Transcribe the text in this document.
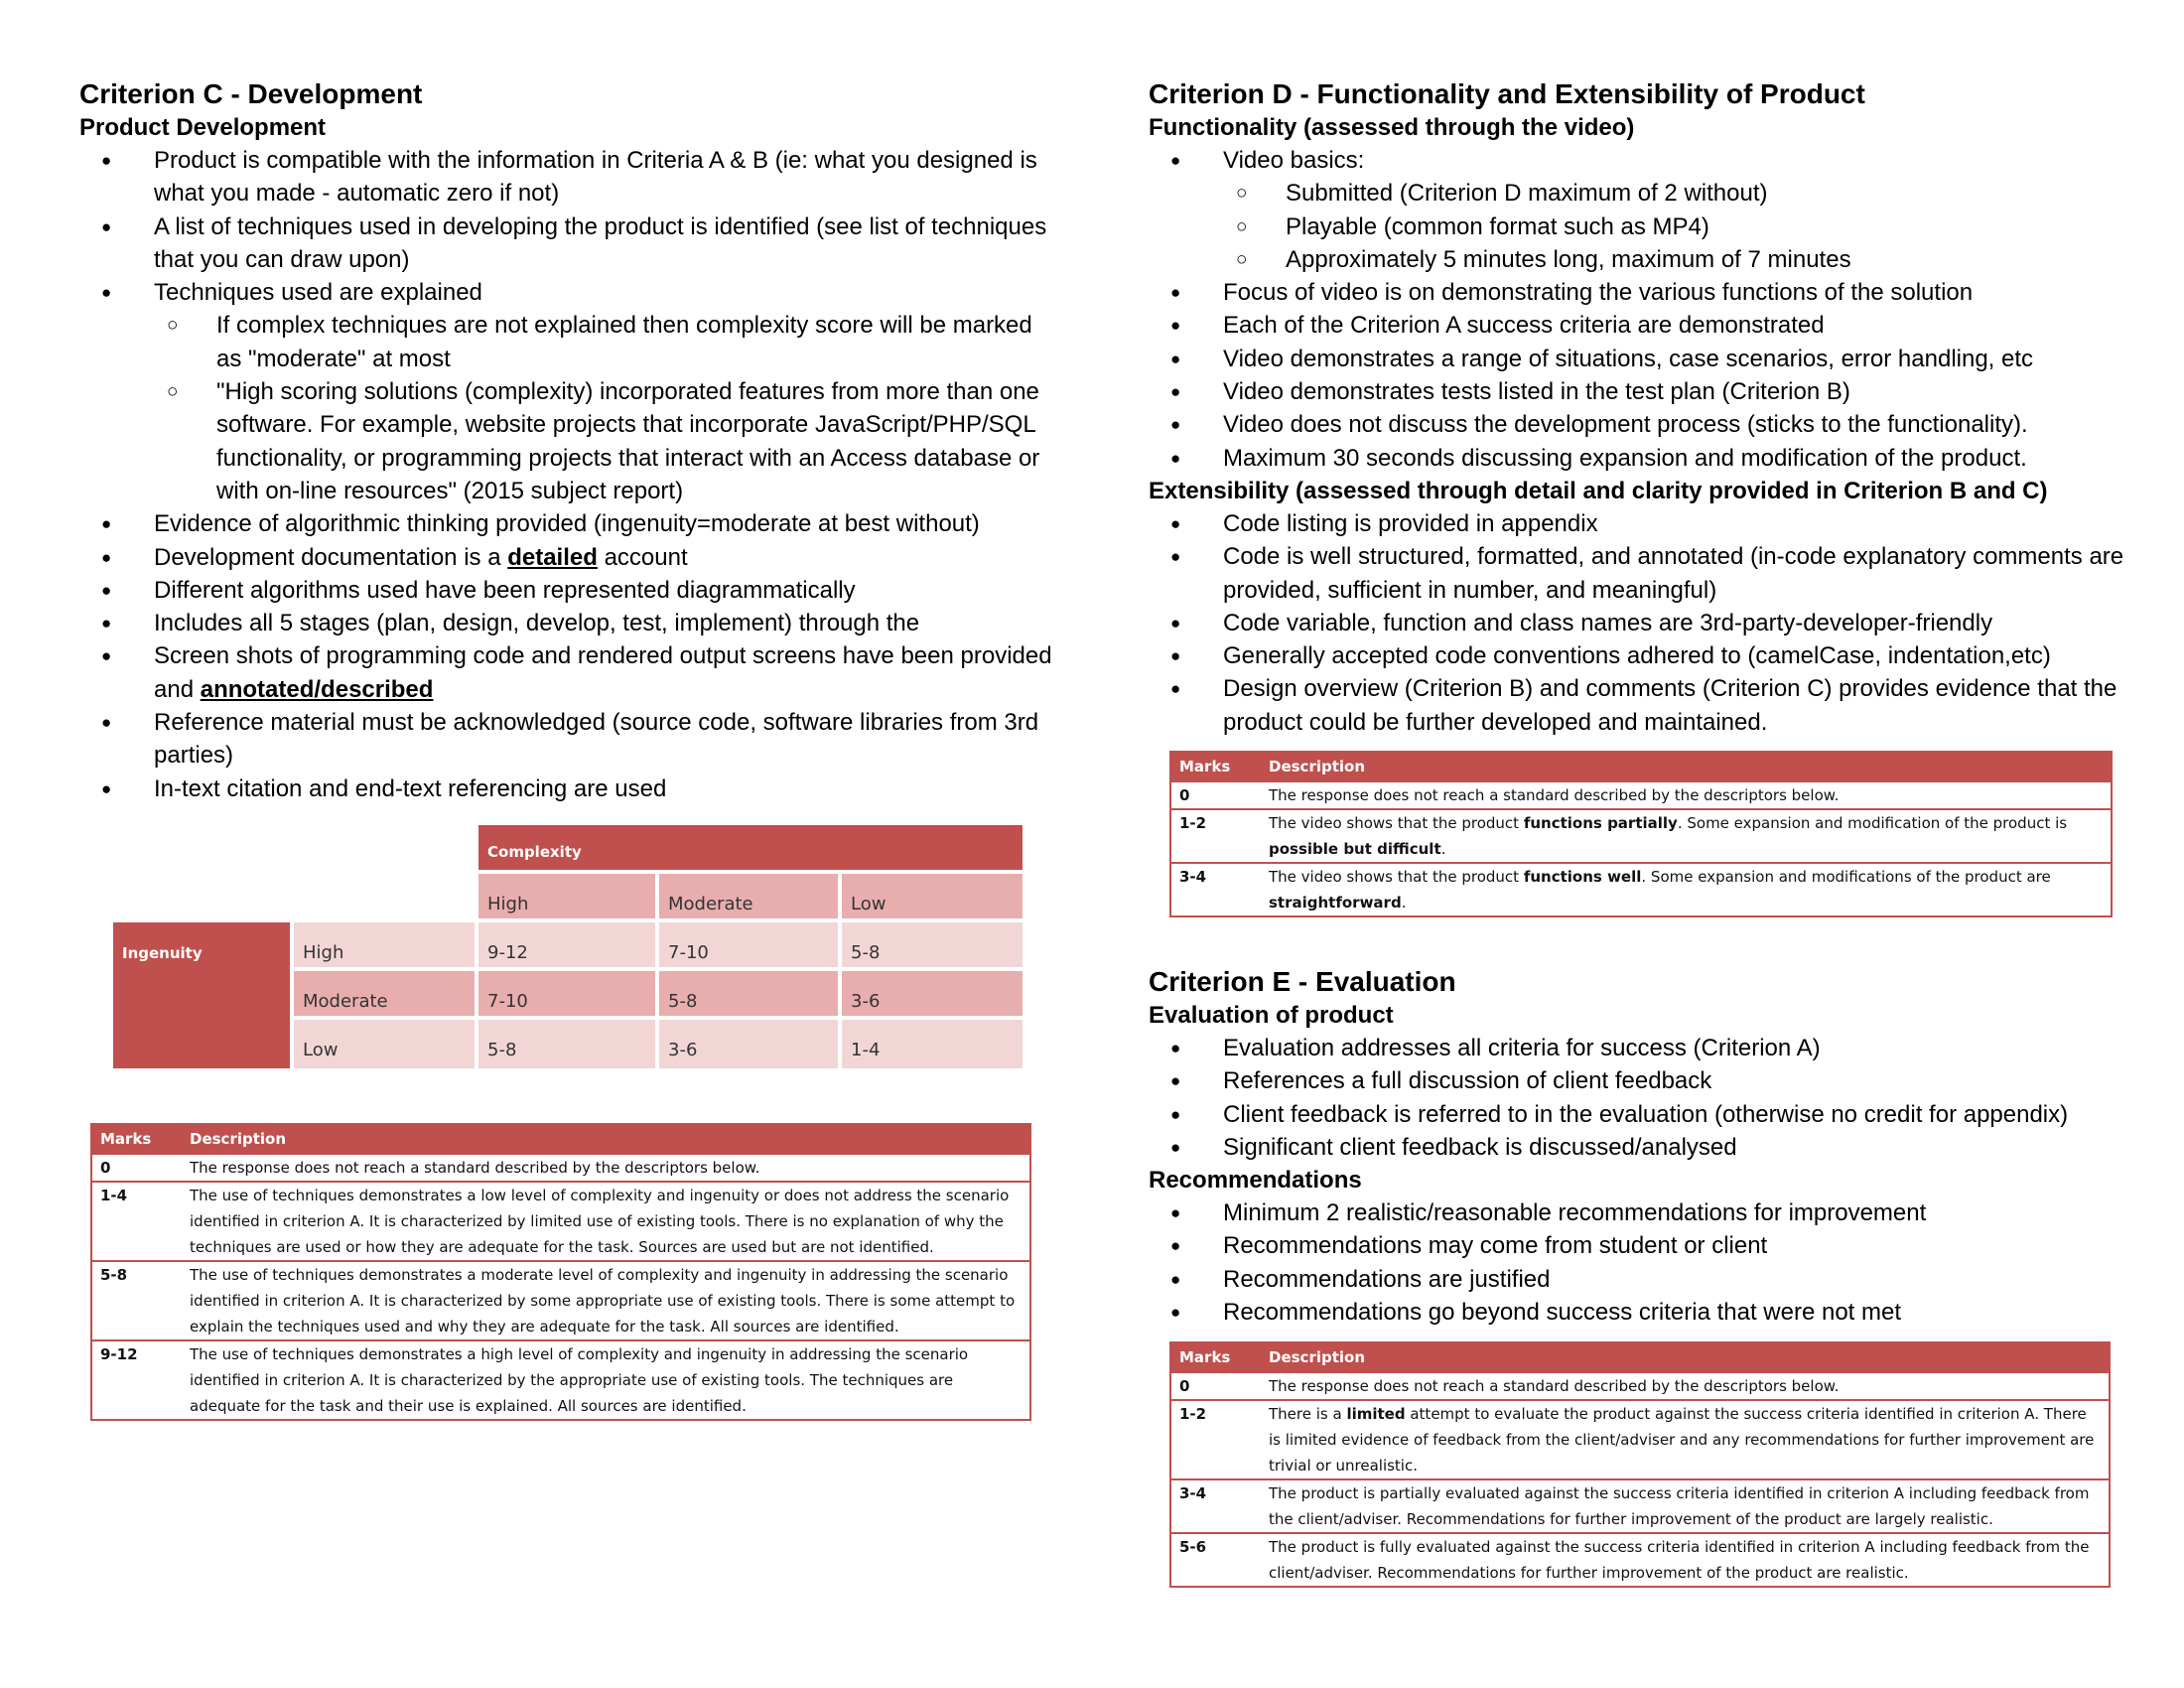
Criterion C - Development
Product Development
● Product is compatible with the information in Criteria A & B (ie: what you designed is what you made - automatic zero if not)
● A list of techniques used in developing the product is identified (see list of techniques that you can draw upon)
● Techniques used are explained
○ If complex techniques are not explained then complexity score will be marked as "moderate" at most
○ "High scoring solutions (complexity) incorporated features from more than one software. For example, website projects that incorporate JavaScript/PHP/SQL functionality, or programming projects that interact with an Access database or with on-line resources" (2015 subject report)
● Evidence of algorithmic thinking provided (ingenuity=moderate at best without)
● Development documentation is a detailed account
● Different algorithms used have been represented diagrammatically
● Includes all 5 stages (plan, design, develop, test, implement) through the
● Screen shots of programming code and rendered output screens have been provided and annotated/described
● Reference material must be acknowledged (source code, software libraries from 3rd parties)
● In-text citation and end-text referencing are used
Complexity
High	Moderate	Low
Ingenuity	High	9-12	7-10	5-8
Moderate	7-10	5-8	3-6
Low	5-8	3-6	1-4
Marks	Description
0	The response does not reach a standard described by the descriptors below.
1-4	The use of techniques demonstrates a low level of complexity and ingenuity or does not address the scenario identified in criterion A. It is characterized by limited use of existing tools. There is no explanation of why the techniques are used or how they are adequate for the task. Sources are used but are not identified.
5-8	The use of techniques demonstrates a moderate level of complexity and ingenuity in addressing the scenario identified in criterion A. It is characterized by some appropriate use of existing tools. There is some attempt to explain the techniques used and why they are adequate for the task. All sources are identified.
9-12	The use of techniques demonstrates a high level of complexity and ingenuity in addressing the scenario identified in criterion A. It is characterized by the appropriate use of existing tools. The techniques are adequate for the task and their use is explained. All sources are identified.
Criterion D - Functionality and Extensibility of Product
Functionality (assessed through the video)
● Video basics:
○ Submitted (Criterion D maximum of 2 without)
○ Playable (common format such as MP4)
○ Approximately 5 minutes long, maximum of 7 minutes
● Focus of video is on demonstrating the various functions of the solution
● Each of the Criterion A success criteria are demonstrated
● Video demonstrates a range of situations, case scenarios, error handling, etc
● Video demonstrates tests listed in the test plan (Criterion B)
● Video does not discuss the development process (sticks to the functionality).
● Maximum 30 seconds discussing expansion and modification of the product.
Extensibility (assessed through detail and clarity provided in Criterion B and C)
● Code listing is provided in appendix
● Code is well structured, formatted, and annotated (in-code explanatory comments are provided, sufficient in number, and meaningful)
● Code variable, function and class names are 3rd-party-developer-friendly
● Generally accepted code conventions adhered to (camelCase, indentation,etc)
● Design overview (Criterion B) and comments (Criterion C) provides evidence that the product could be further developed and maintained.
Marks	Description
0	The response does not reach a standard described by the descriptors below.
1-2	The video shows that the product functions partially. Some expansion and modification of the product is possible but difficult.
3-4	The video shows that the product functions well. Some expansion and modifications of the product are straightforward.
Criterion E - Evaluation
Evaluation of product
● Evaluation addresses all criteria for success (Criterion A)
● References a full discussion of client feedback
● Client feedback is referred to in the evaluation (otherwise no credit for appendix)
● Significant client feedback is discussed/analysed
Recommendations
● Minimum 2 realistic/reasonable recommendations for improvement
● Recommendations may come from student or client
● Recommendations are justified
● Recommendations go beyond success criteria that were not met
Marks	Description
0	The response does not reach a standard described by the descriptors below.
1-2	There is a limited attempt to evaluate the product against the success criteria identified in criterion A. There is limited evidence of feedback from the client/adviser and any recommendations for further improvement are trivial or unrealistic.
3-4	The product is partially evaluated against the success criteria identified in criterion A including feedback from the client/adviser. Recommendations for further improvement of the product are largely realistic.
5-6	The product is fully evaluated against the success criteria identified in criterion A including feedback from the client/adviser. Recommendations for further improvement of the product are realistic.
